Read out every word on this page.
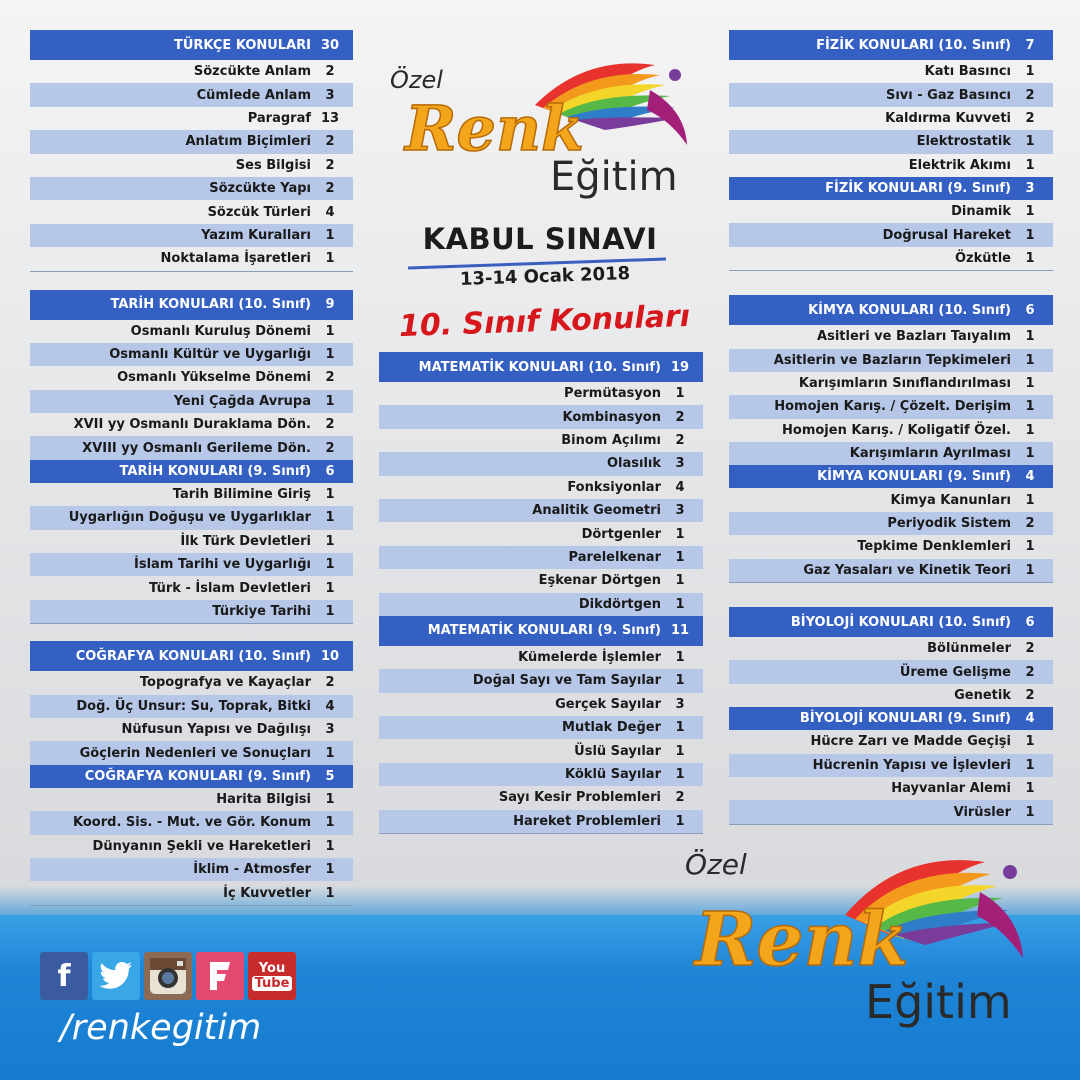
TÜRKÇE KONULARI 30
Sözcükte Anlam	2
Cümlede Anlam	3
Paragraf 13
Anlatım Biçimleri	2
Ses Bilgisi	2
Sözcükte Yapı	2
Sözcük Türleri	4
Yazım Kuralları	1
Noktalama İşaretleri	1
TARİH KONULARI (10. Sınıf)	9
Osmanlı Kuruluş Dönemi	1
Osmanlı Kültür ve Uygarlığı	1
Osmanlı Yükselme Dönemi	2
Yeni Çağda Avrupa	1
XVII yy Osmanlı Duraklama Dön.	2
XVIII yy Osmanlı Gerileme Dön.	2
TARİH KONULARI (9. Sınıf)	6
Tarih Bilimine Giriş	1
Uygarlığın Doğuşu ve Uygarlıklar	1
İlk Türk Devletleri	1
İslam Tarihi ve Uygarlığı	1
Türk - İslam Devletleri	1
Türkiye Tarihi	1
COĞRAFYA KONULARI (10. Sınıf) 10
Topografya ve Kayaçlar	2
Doğ. Üç Unsur: Su, Toprak, Bitki	4
Nüfusun Yapısı ve Dağılışı	3
Göçlerin Nedenleri ve Sonuçları	1
COĞRAFYA KONULARI (9. Sınıf)	5
Harita Bilgisi	1
Koord. Sis. - Mut. ve Gör. Konum	1
Dünyanın Şekli ve Hareketleri	1
İklim - Atmosfer	1
İç Kuvvetler	1
MATEMATİK KONULARI (10. Sınıf) 19
Permütasyon	1
Kombinasyon	2
Binom Açılımı	2
Olasılık	3
Fonksiyonlar	4
Analitik Geometri	3
Dörtgenler	1
Parelelkenar	1
Eşkenar Dörtgen	1
Dikdörtgen	1
MATEMATİK KONULARI (9. Sınıf) 11
Kümelerde İşlemler	1
Doğal Sayı ve Tam Sayılar	1
Gerçek Sayılar	3
Mutlak Değer	1
Üslü Sayılar	1
Köklü Sayılar	1
Sayı Kesir Problemleri	2
Hareket Problemleri	1
FİZİK KONULARI (10. Sınıf)	7
Katı Basıncı	1
Sıvı - Gaz Basıncı	2
Kaldırma Kuvveti	2
Elektrostatik	1
Elektrik Akımı	1
FİZİK KONULARI (9. Sınıf)	3
Dinamik	1
Doğrusal Hareket	1
Özkütle	1
KİMYA KONULARI (10. Sınıf)	6
Asitleri ve Bazları Taıyalım	1
Asitlerin ve Bazların Tepkimeleri	1
Karışımların Sınıflandırılması	1
Homojen Karış. / Çözelt. Derişim	1
Homojen Karış. / Koligatif Özel.	1
Karışımların Ayrılması	1
KİMYA KONULARI (9. Sınıf)	4
Kimya Kanunları	1
Periyodik Sistem	2
Tepkime Denklemleri	1
Gaz Yasaları ve Kinetik Teori	1
BİYOLOJİ KONULARI (10. Sınıf)	6
Bölünmeler	2
Üreme Gelişme	2
Genetik	2
BİYOLOJİ KONULARI (9. Sınıf)	4
Hücre Zarı ve Madde Geçişi	1
Hücrenin Yapısı ve İşlevleri	1
Hayvanlar Alemi	1
Virüsler	1
Özel
Renk
Eğitim
KABUL SINAVI
13-14 Ocak 2018
10. Sınıf Konuları
Özel
Renk
Eğitim
f	You
Tube
/renkegitim
